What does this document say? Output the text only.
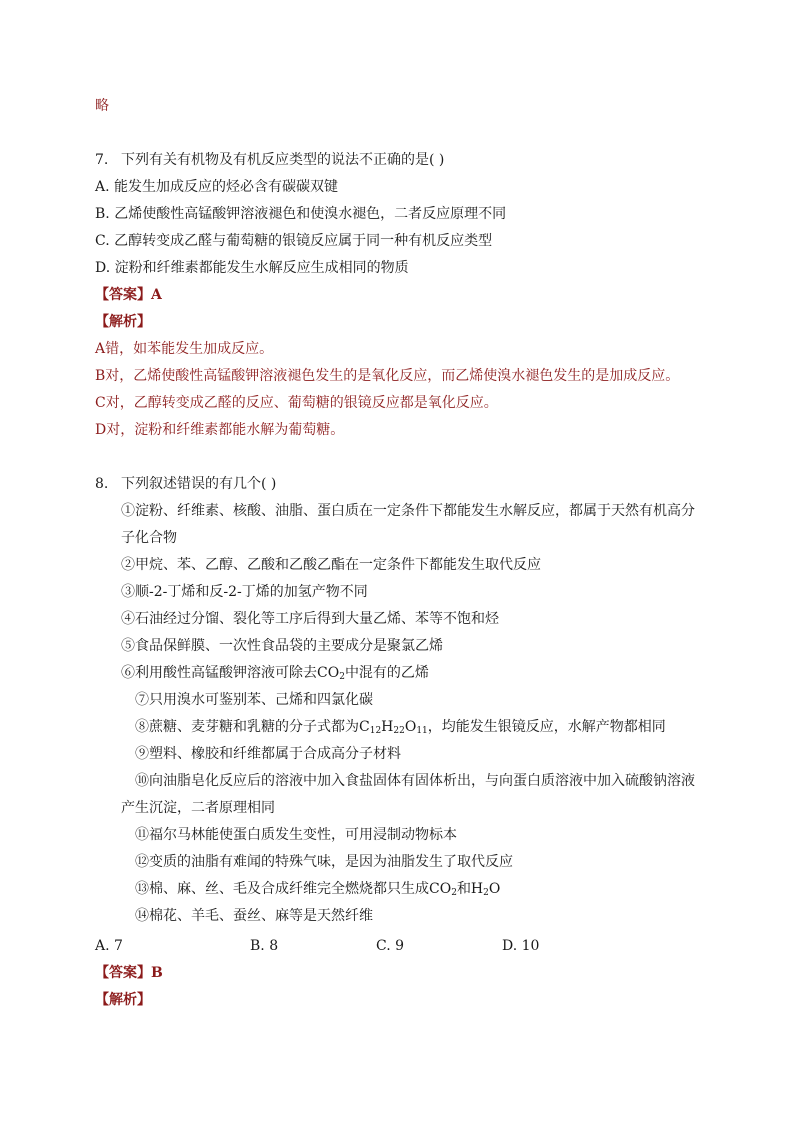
略
7. 下列有关有机物及有机反应类型的说法不正确的是( )
A. 能发生加成反应的烃必含有碳碳双键
B. 乙烯使酸性高锰酸钾溶液褪色和使溴水褪色，二者反应原理不同
C. 乙醇转变成乙醛与葡萄糖的银镜反应属于同一种有机反应类型
D. 淀粉和纤维素都能发生水解反应生成相同的物质
【答案】A
【解析】
A错，如苯能发生加成反应。
B对，乙烯使酸性高锰酸钾溶液褪色发生的是氧化反应，而乙烯使溴水褪色发生的是加成反应。
C对，乙醇转变成乙醛的反应、葡萄糖的银镜反应都是氧化反应。
D对，淀粉和纤维素都能水解为葡萄糖。
8. 下列叙述错误的有几个( )
①淀粉、纤维素、核酸、油脂、蛋白质在一定条件下都能发生水解反应，都属于天然有机高分
子化合物
②甲烷、苯、乙醇、乙酸和乙酸乙酯在一定条件下都能发生取代反应
③顺-2-丁烯和反-2-丁烯的加氢产物不同
④石油经过分馏、裂化等工序后得到大量乙烯、苯等不饱和烃
⑤食品保鲜膜、一次性食品袋的主要成分是聚氯乙烯
⑥利用酸性高锰酸钾溶液可除去$CO_2$中混有的乙烯
⑦只用溴水可鉴别苯、己烯和四氯化碳
⑧蔗糖、麦芽糖和乳糖的分子式都为$C_{12}H_{22}O_{11}$，均能发生银镜反应，水解产物都相同
⑨塑料、橡胶和纤维都属于合成高分子材料
⑩向油脂皂化反应后的溶液中加入食盐固体有固体析出，与向蛋白质溶液中加入硫酸钠溶液
产生沉淀，二者原理相同
⑪福尔马林能使蛋白质发生变性，可用浸制动物标本
⑫变质的油脂有难闻的特殊气味，是因为油脂发生了取代反应
⑬棉、麻、丝、毛及合成纤维完全燃烧都只生成$CO_2$和$H_2O$
⑭棉花、羊毛、蚕丝、麻等是天然纤维
A. 7	B. 8	C. 9	D. 10
【答案】B
【解析】
